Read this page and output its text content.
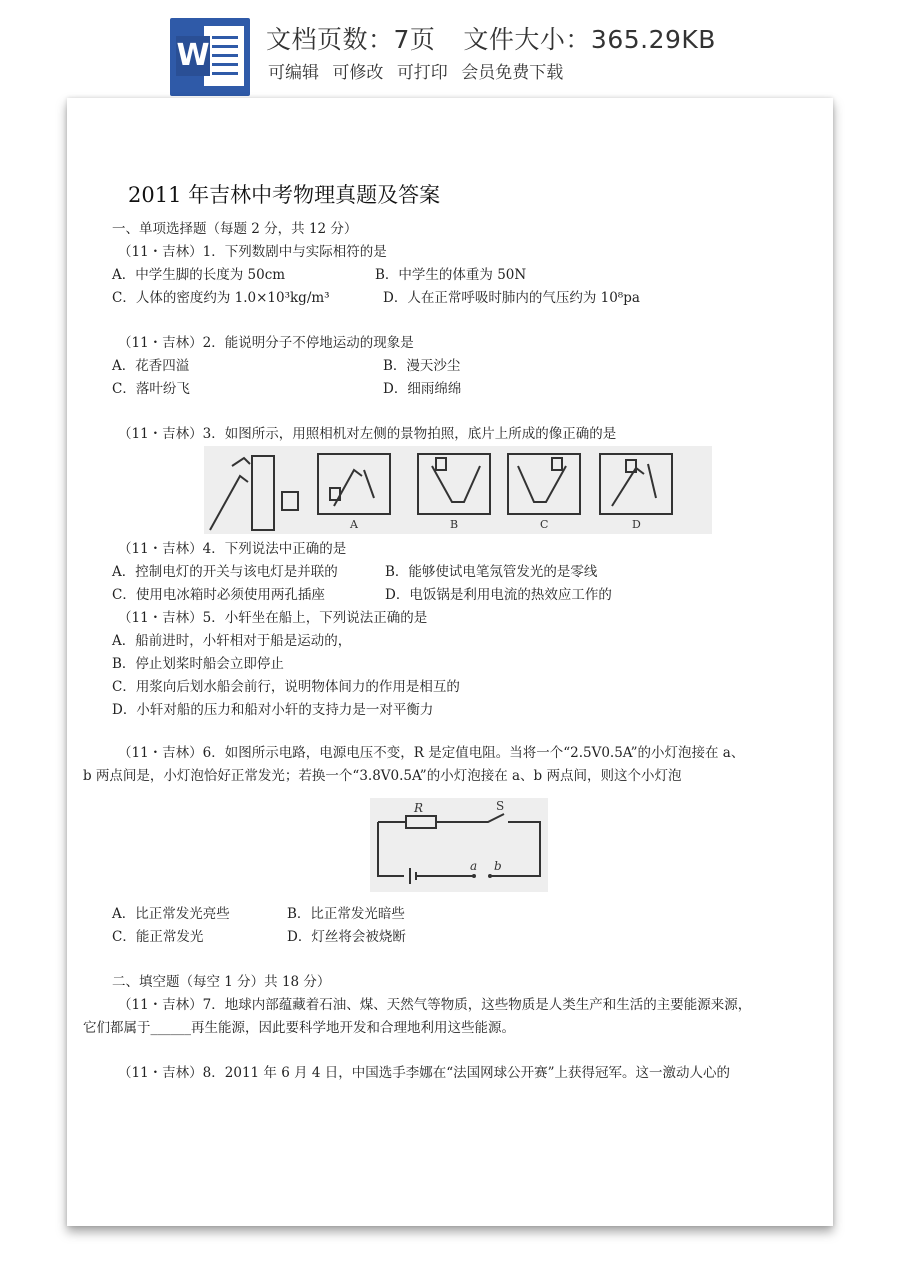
W 文档页数：7页 文件大小：365.29KB
可编辑 可修改 可打印 会员免费下载
2011 年吉林中考物理真题及答案
一、单项选择题（每题 2 分，共 12 分）
（11・吉林）1．下列数剧中与实际相符的是
A．中学生脚的长度为 50cm	B．中学生的体重为 50N
C．人体的密度约为 1.0×10³kg/m³	D．人在正常呼吸时肺内的气压约为 10⁸pa
（11・吉林）2．能说明分子不停地运动的现象是
A．花香四溢	B．漫天沙尘
C．落叶纷飞	D．细雨绵绵
（11・吉林）3．如图所示，用照相机对左侧的景物拍照，底片上所成的像正确的是
A	B	C	D
（11・吉林）4．下列说法中正确的是
A．控制电灯的开关与该电灯是并联的	B．能够使试电笔氖管发光的是零线
C．使用电冰箱时必须使用两孔插座	D．电饭锅是利用电流的热效应工作的
（11・吉林）5．小轩坐在船上，下列说法正确的是
A．船前进时，小轩相对于船是运动的，
B．停止划桨时船会立即停止
C．用浆向后划水船会前行，说明物体间力的作用是相互的
D．小轩对船的压力和船对小轩的支持力是一对平衡力
（11・吉林）6．如图所示电路，电源电压不变，R 是定值电阻。当将一个“2.5V0.5A”的小灯泡接在 a、
b 两点间是，小灯泡恰好正常发光；若换一个“3.8V0.5A”的小灯泡接在 a、b 两点间，则这个小灯泡
R	S
a b
A．比正常发光亮些	B．比正常发光暗些
C．能正常发光	D．灯丝将会被烧断
二、填空题（每空 1 分）共 18 分）
（11・吉林）7．地球内部蕴藏着石油、煤、天然气等物质，这些物质是人类生产和生活的主要能源来源，
它们都属于______再生能源，因此要科学地开发和合理地利用这些能源。
（11・吉林）8．2011 年 6 月 4 日，中国选手李娜在“法国网球公开赛”上获得冠军。这一激动人心的
